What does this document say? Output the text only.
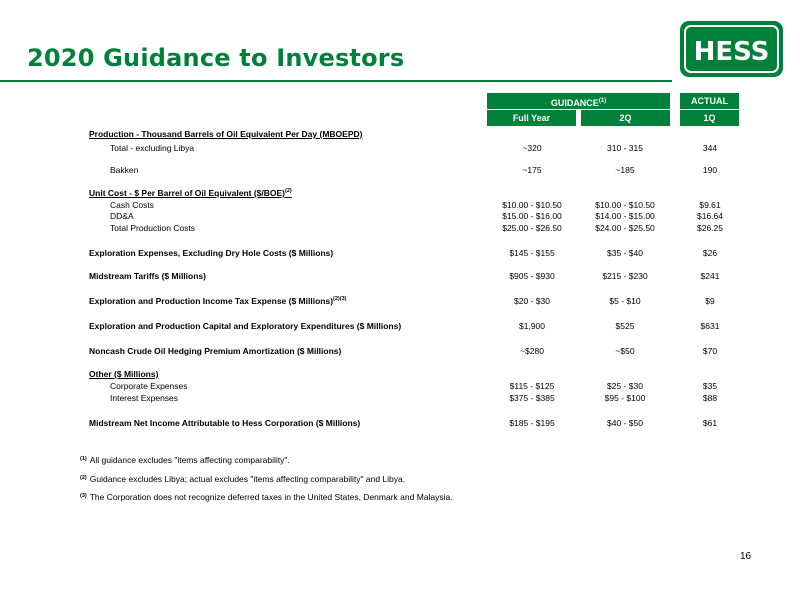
2020 Guidance to Investors	HESS
GUIDANCE$^{(1)}$	ACTUAL
Full Year	2Q	1Q
Production - Thousand Barrels of Oil Equivalent Per Day (MBOEPD)
Total - excluding Libya	~320	310 - 315	344
Bakken	~175	~185	190
Unit Cost - $ Per Barrel of Oil Equivalent ($/BOE)$^{(2)}$
Cash Costs	$10.00 - $10.50	$10.00 - $10.50	$9.61
DD&A	$15.00 - $16.00	$14.00 - $15.00	$16.64
Total Production Costs	$25.00 - $26.50	$24.00 - $25.50	$26.25
Exploration Expenses, Excluding Dry Hole Costs ($ Millions)	$145 - $155	$35 - $40	$26
Midstream Tariffs ($ Millions)	$905 - $930	$215 - $230	$241
Exploration and Production Income Tax Expense ($ Millions)$^{(2)(3)}$	$20 - $30	$5 - $10	$9
Exploration and Production Capital and Exploratory Expenditures ($ Millions)	$1,900	$525	$631
Noncash Crude Oil Hedging Premium Amortization ($ Millions)	~$280	~$50	$70
Other ($ Millions)
Corporate Expenses	$115 - $125	$25 - $30	$35
Interest Expenses	$375 - $385	$95 - $100	$88
Midstream Net Income Attributable to Hess Corporation ($ Millions)	$185 - $195	$40 - $50	$61
$^{(1)}$ All guidance excludes "items affecting comparability".
$^{(2)}$ Guidance excludes Libya; actual excludes "items affecting comparability" and Libya.
$^{(3)}$ The Corporation does not recognize deferred taxes in the United States, Denmark and Malaysia.
16
